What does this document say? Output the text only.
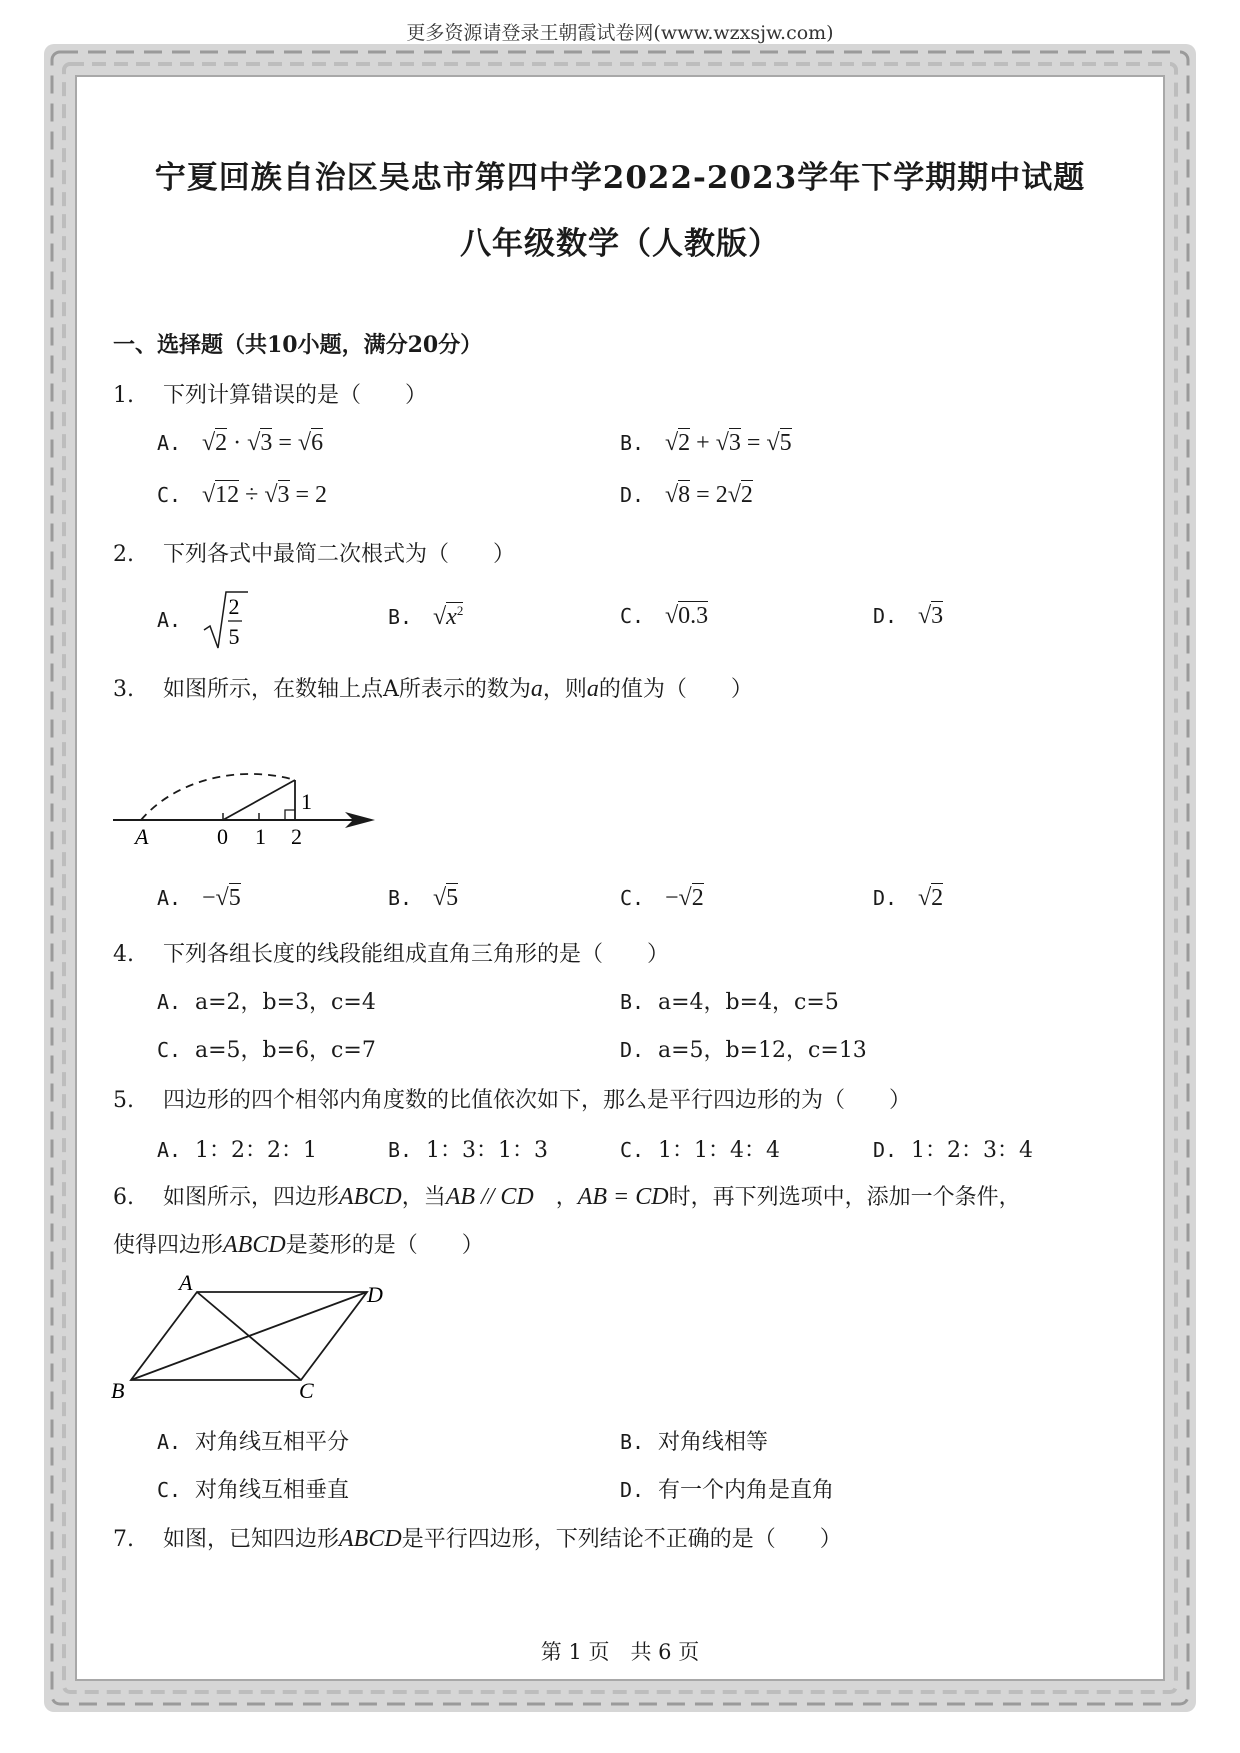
更多资源请登录王朝霞试卷网(www.wzxsjw.com)
宁夏回族自治区吴忠市第四中学2022-2023学年下学期期中试题
八年级数学（人教版）
一、选择题（共10小题，满分20分）
1. 下列计算错误的是（　　）
A. √2 · √3 = √6	B. √2 + √3 = √5
C. √12 ÷ √3 = 2	D. √8 = 2√2
2. 下列各式中最简二次根式为（　　）
A.
2
5
B. $√x^2$	C. √0.3	D. √3
3. 如图所示，在数轴上点A所表示的数为a，则a的值为（　　）
A	0 1 2
1
A. −√5	B. √5	C. −√2	D. √2
4. 下列各组长度的线段能组成直角三角形的是（　　）
A. a=2，b=3，c=4	B. a=4，b=4，c=5
C. a=5，b=6，c=7	D. a=5，b=12，c=13
5. 四边形的四个相邻内角度数的比值依次如下，那么是平行四边形的为（　　）
A. 1：2：2：1	B. 1：3：1：3	C. 1：1：4：4	D. 1：2：3：4
6. 如图所示，四边形ABCD，当AB // CD　，AB = CD时，再下列选项中，添加一个条件，
使得四边形ABCD是菱形的是（　　）
A	D
B	C
A. 对角线互相平分	B. 对角线相等
C. 对角线互相垂直	D. 有一个内角是直角
7. 如图，已知四边形ABCD是平行四边形，下列结论不正确的是（　　）
第 1 页　共 6 页
